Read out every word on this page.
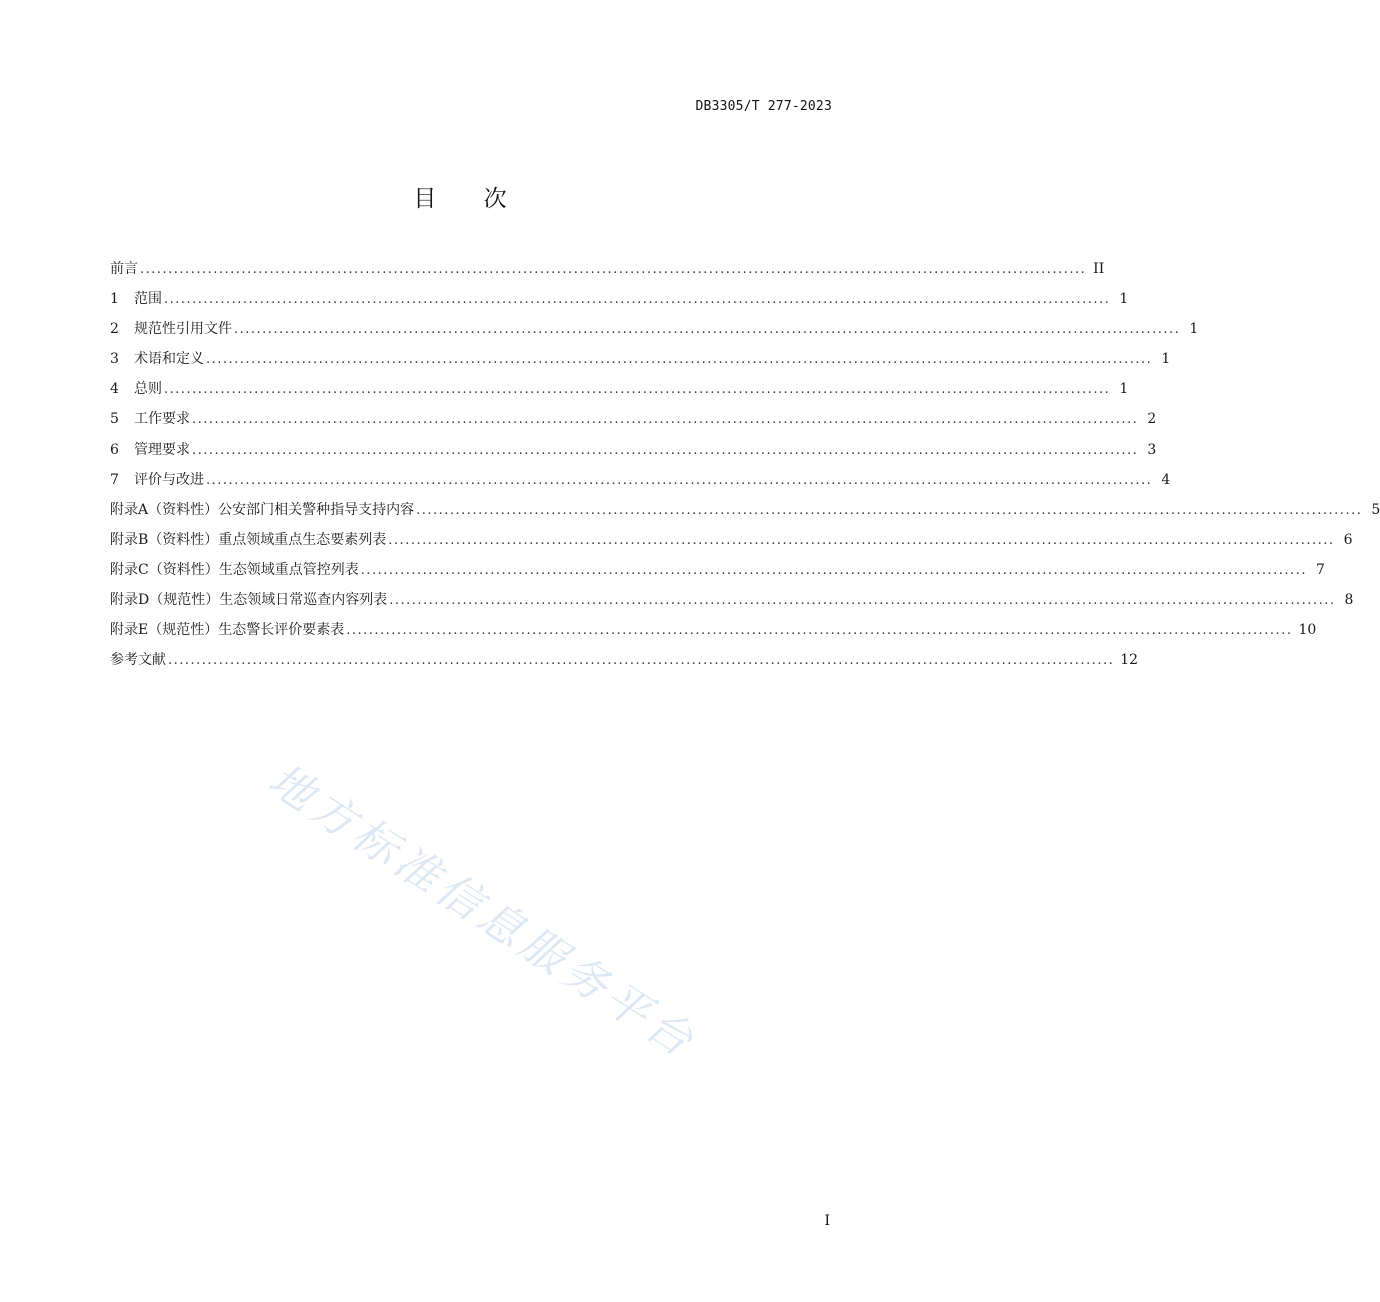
DB3305/T 277-2023
目 次
前言 ........................................................................................................................................................................ II
1	范围 ........................................................................................................................................................................ 1
2	规范性引用文件 ........................................................................................................................................................................ 1
3	术语和定义 ........................................................................................................................................................................ 1
4	总则 ........................................................................................................................................................................ 1
5	工作要求 ........................................................................................................................................................................ 2
6	管理要求 ........................................................................................................................................................................ 3
7	评价与改进 ........................................................................................................................................................................ 4
附录A（资料性）公安部门相关警种指导支持内容 ........................................................................................................................................................................ 5
附录B（资料性）重点领域重点生态要素列表 ........................................................................................................................................................................ 6
附录C（资料性）生态领域重点管控列表 ........................................................................................................................................................................ 7
附录D（规范性）生态领域日常巡查内容列表 ........................................................................................................................................................................ 8
附录E（规范性）生态警长评价要素表 ........................................................................................................................................................................ 10
参考文献 ........................................................................................................................................................................ 12
地方标准信息服务平台
I
